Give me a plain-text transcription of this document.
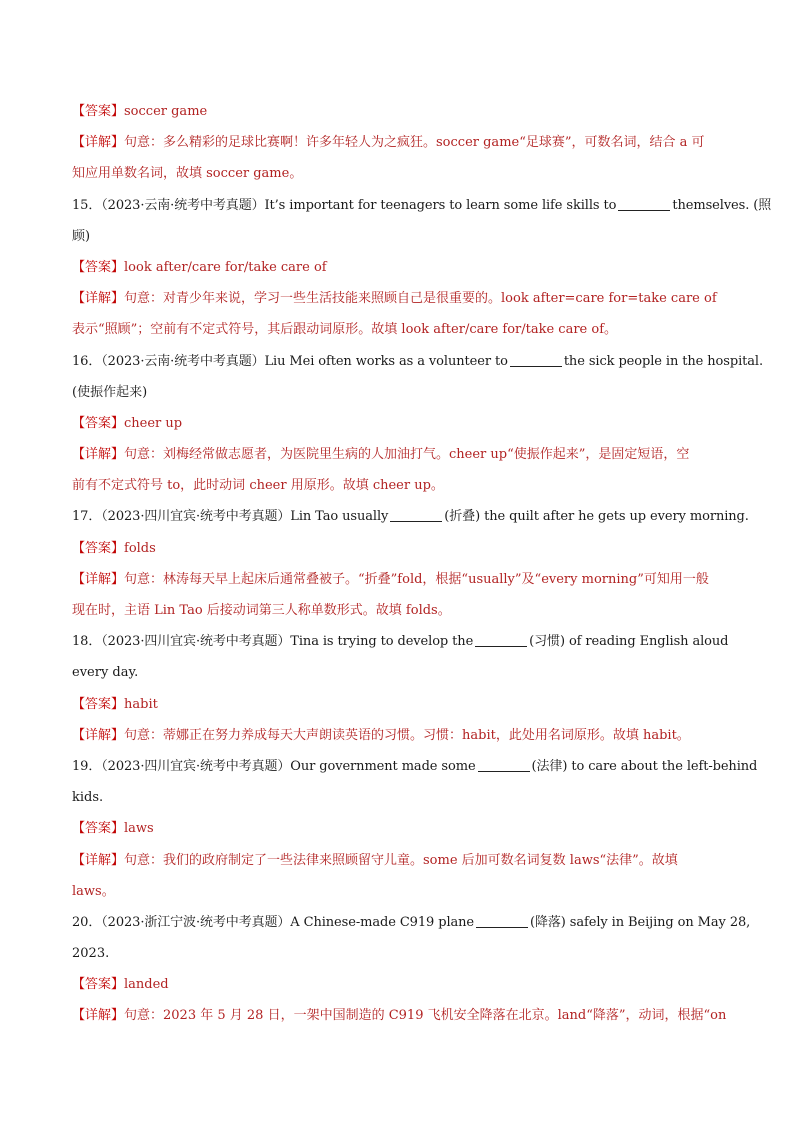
【答案】soccer game
【详解】句意：多么精彩的足球比赛啊！许多年轻人为之疯狂。soccer game“足球赛”，可数名词，结合 a 可
知应用单数名词，故填 soccer game。
15．（2023·云南·统考中考真题）It’s important for teenagers to learn some life skills to	themselves. (照
顾)
【答案】look after/care for/take care of
【详解】句意：对青少年来说，学习一些生活技能来照顾自己是很重要的。look after=care for=take care of
表示“照顾”；空前有不定式符号，其后跟动词原形。故填 look after/care for/take care of。
16．（2023·云南·统考中考真题）Liu Mei often works as a volunteer to	the sick people in the hospital.
(使振作起来)
【答案】cheer up
【详解】句意：刘梅经常做志愿者，为医院里生病的人加油打气。cheer up“使振作起来”，是固定短语，空
前有不定式符号 to，此时动词 cheer 用原形。故填 cheer up。
17．（2023·四川宜宾·统考中考真题）Lin Tao usually	(折叠) the quilt after he gets up every morning.
【答案】folds
【详解】句意：林涛每天早上起床后通常叠被子。“折叠”fold，根据“usually”及“every morning”可知用一般
现在时，主语 Lin Tao 后接动词第三人称单数形式。故填 folds。
18．（2023·四川宜宾·统考中考真题）Tina is trying to develop the	(习惯) of reading English aloud
every day.
【答案】habit
【详解】句意：蒂娜正在努力养成每天大声朗读英语的习惯。习惯：habit，此处用名词原形。故填 habit。
19．（2023·四川宜宾·统考中考真题）Our government made some	(法律) to care about the left-behind
kids.
【答案】laws
【详解】句意：我们的政府制定了一些法律来照顾留守儿童。some 后加可数名词复数 laws“法律”。故填
laws。
20．（2023·浙江宁波·统考中考真题）A Chinese-made C919 plane	(降落) safely in Beijing on May 28,
2023.
【答案】landed
【详解】句意：2023 年 5 月 28 日，一架中国制造的 C919 飞机安全降落在北京。land“降落”，动词，根据“on
